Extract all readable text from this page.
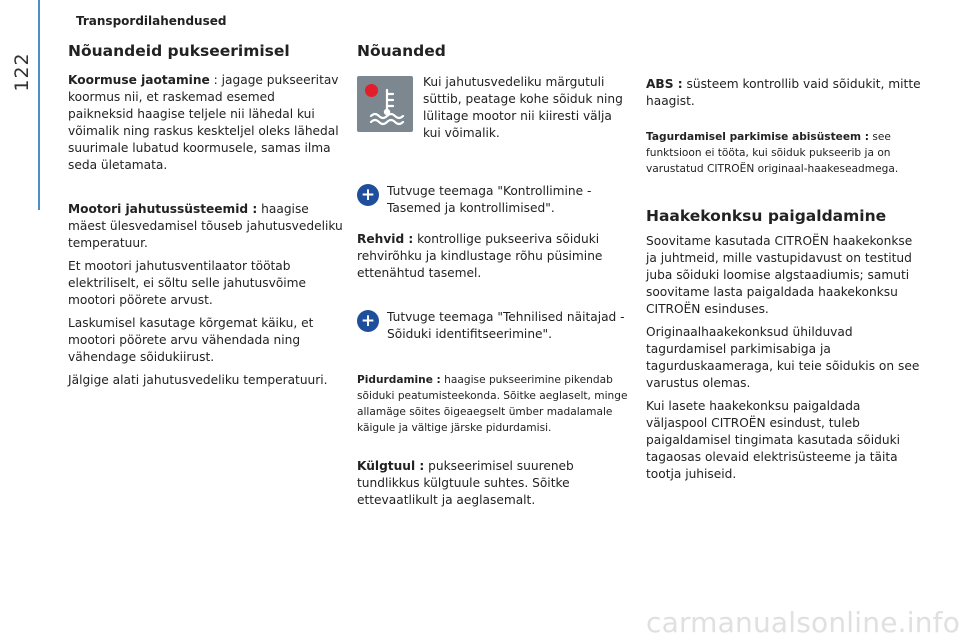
122
Transpordilahendused
Nõuandeid pukseerimisel

Koormuse jaotamine : jagage pukseeritav koormus nii, et raskemad esemed paikneksid haagise teljele nii lähedal kui võimalik ning raskus keskteljel oleks lähedal suurimale lubatud koormusele, samas ilma seda ületamata.

Mootori jahutussüsteemid : haagise mäest ülesvedamisel tõuseb jahutusvedeliku temperatuur.

Et mootori jahutusventilaator töötab elektriliselt, ei sõltu selle jahutusvõime mootori pöörete arvust.

Laskumisel kasutage kõrgemat käiku, et mootori pöörete arvu vähendada ning vähendage sõidukiirust.

Jälgige alati jahutusvedeliku temperatuuri.

Nõuanded

Kui jahutusvedeliku märgutuli süttib, peatage kohe sõiduk ning lülitage mootor nii kiiresti välja kui võimalik.

+ Tutvuge teemaga "Kontrollimine - Tasemed ja kontrollimised".

Rehvid : kontrollige pukseeriva sõiduki rehvirõhku ja kindlustage rõhu püsimine ettenähtud tasemel.

+ Tutvuge teemaga "Tehnilised näitajad - Sõiduki identifitseerimine".

Pidurdamine : haagise pukseerimine pikendab sõiduki peatumisteekonda. Sõitke aeglaselt, minge allamäge sõites õigeaegselt ümber madalamale käigule ja vältige järske pidurdamisi.

Külgtuul : pukseerimisel suureneb tundlikkus külgtuule suhtes. Sõitke ettevaatlikult ja aeglasemalt.

ABS : süsteem kontrollib vaid sõidukit, mitte haagist.

Tagurdamisel parkimise abisüsteem : see funktsioon ei tööta, kui sõiduk pukseerib ja on varustatud CITROËN originaal-haakeseadmega.

Haakekonksu paigaldamine

Soovitame kasutada CITROËN haakekonkse ja juhtmeid, mille vastupidavust on testitud juba sõiduki loomise algstaadiumis; samuti soovitame lasta paigaldada haakekonksu CITROËN esinduses.

Originaalhaakekonksud ühilduvad tagurdamisel parkimisabiga ja tagurduskaameraga, kui teie sõidukis on see varustus olemas.

Kui lasete haakekonksu paigaldada väljaspool CITROËN esindust, tuleb paigaldamisel tingimata kasutada sõiduki tagaosas olevaid elektrisüsteeme ja täita tootja juhiseid.

carmanualsonline.info
